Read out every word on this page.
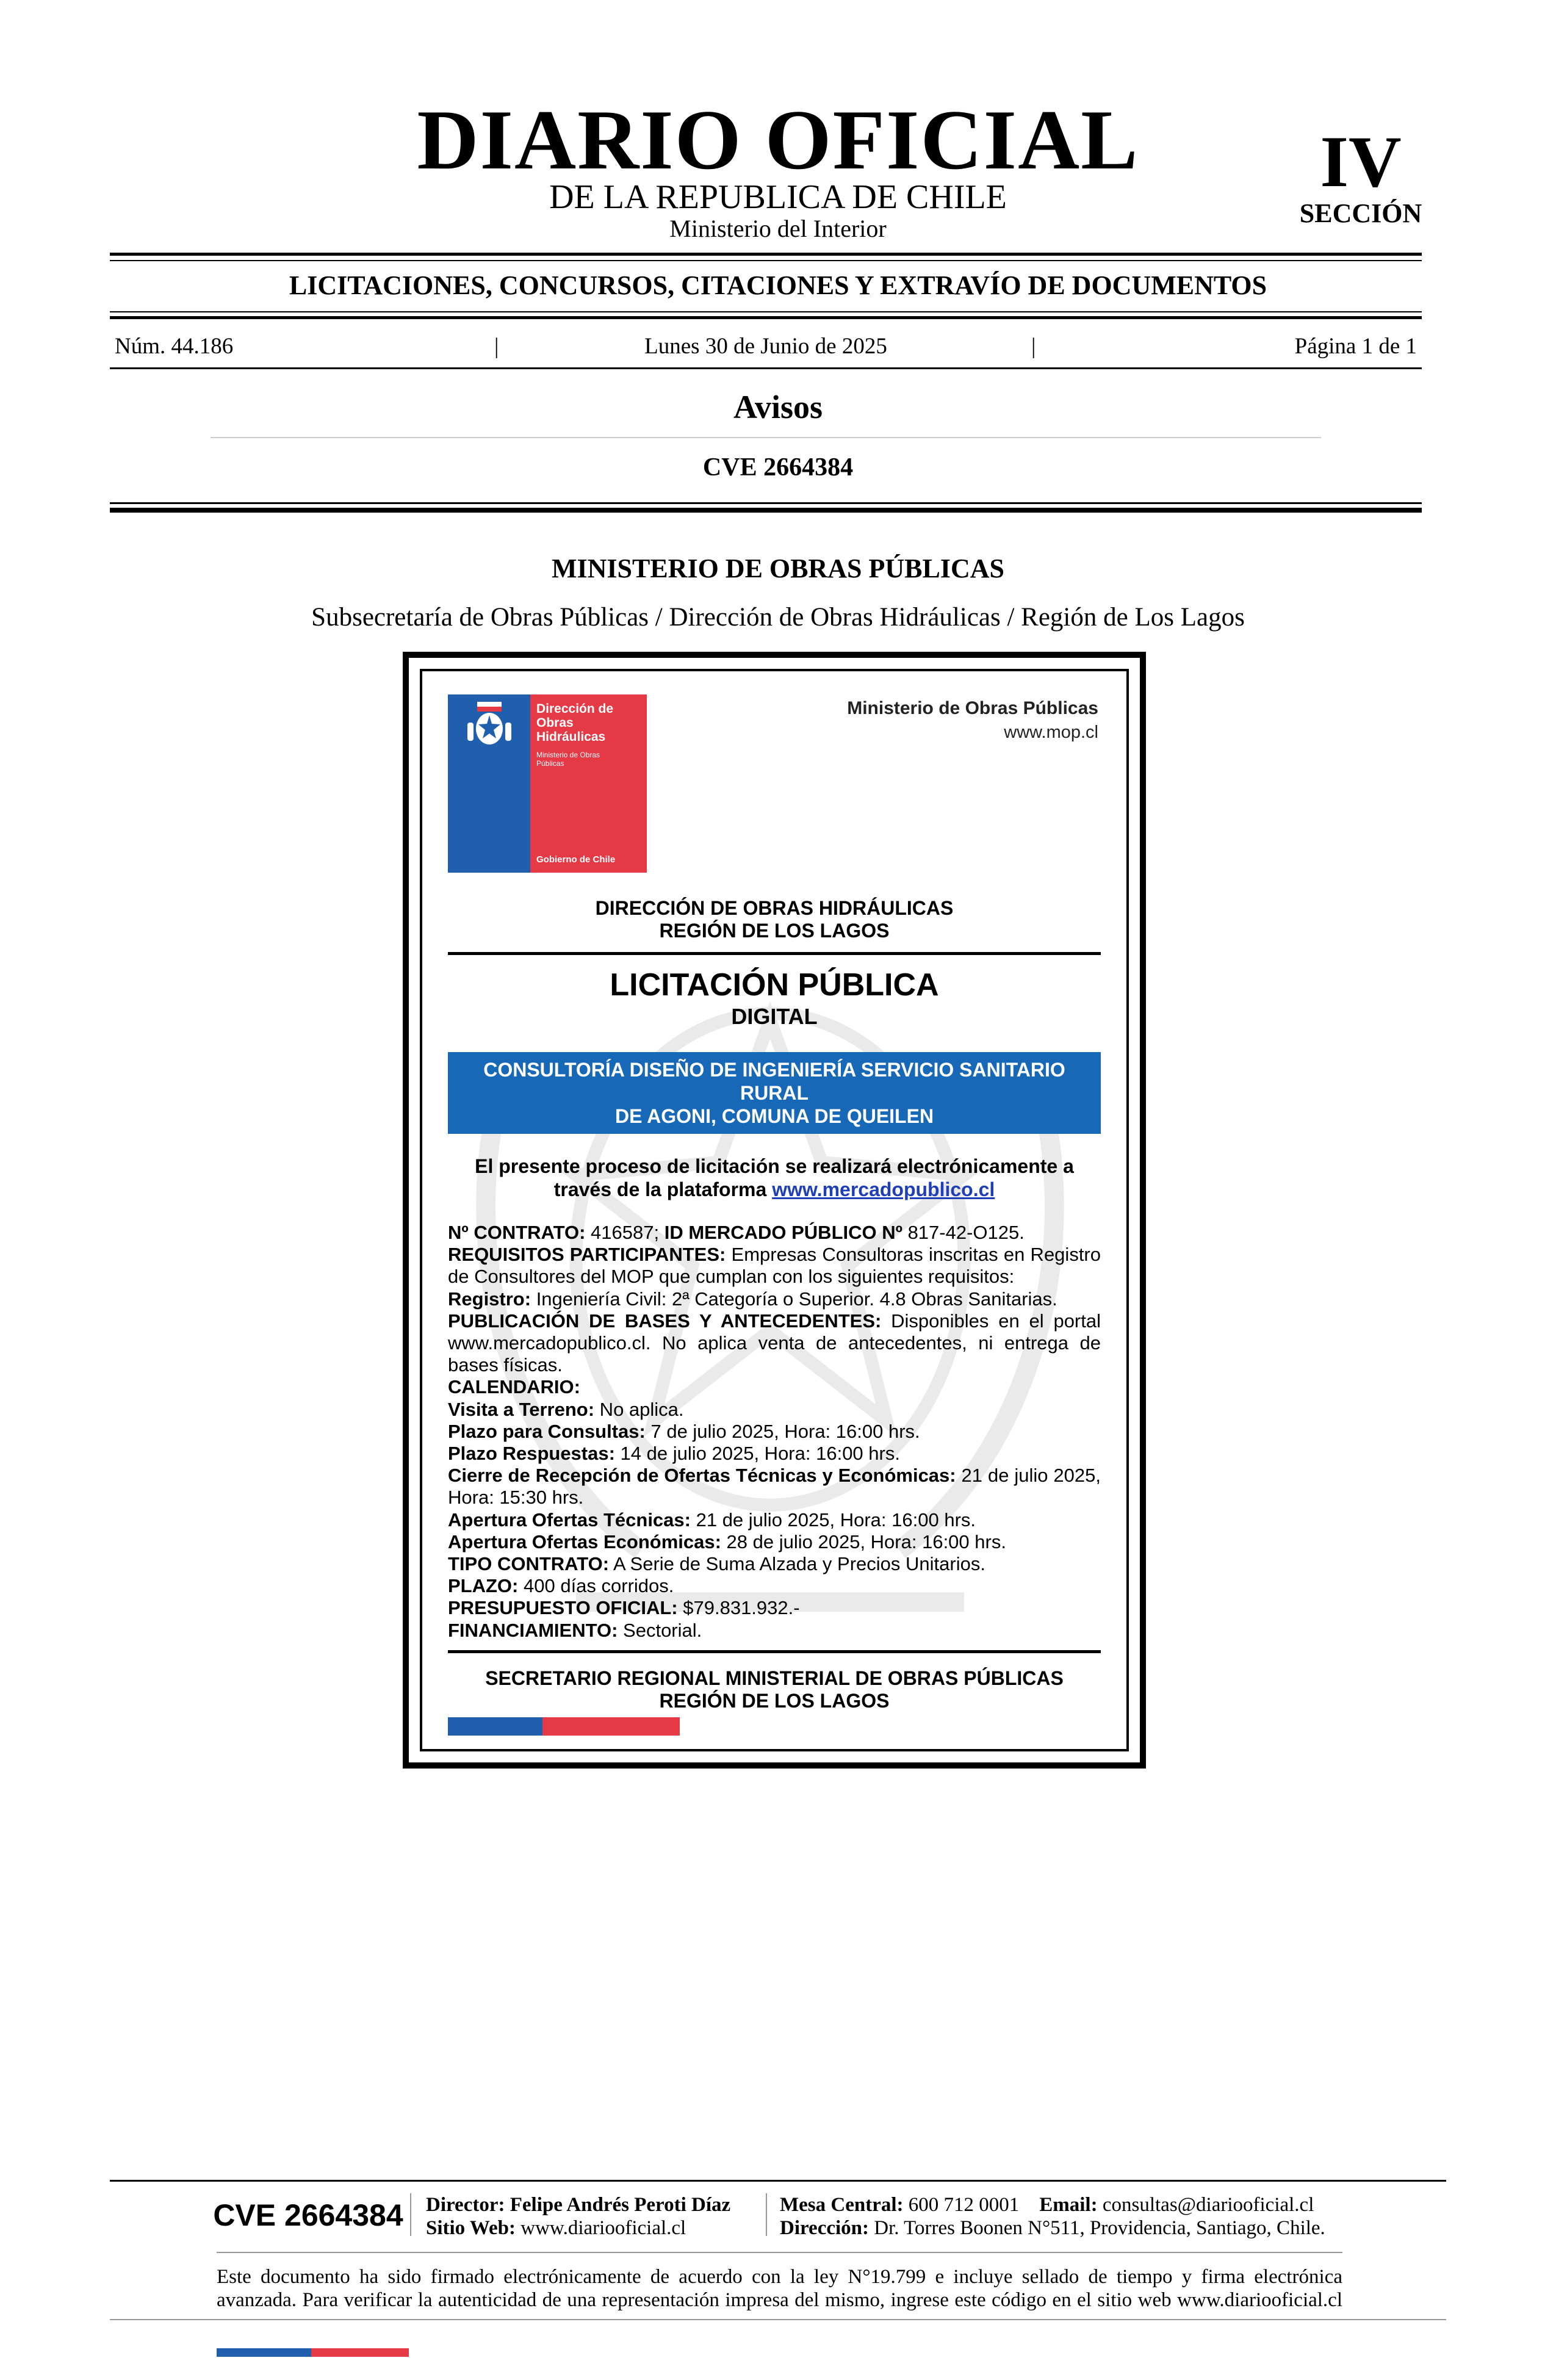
DIARIO OFICIAL
DE LA REPUBLICA DE CHILE
Ministerio del Interior
IV
SECCIÓN
LICITACIONES, CONCURSOS, CITACIONES Y EXTRAVÍO DE DOCUMENTOS
Núm. 44.186	|	Lunes 30 de Junio de 2025	|	Página 1 de 1
Avisos
CVE 2664384
MINISTERIO DE OBRAS PÚBLICAS
Subsecretaría de Obras Públicas / Dirección de Obras Hidráulicas / Región de Los Lagos
Dirección de
Obras
Hidráulicas
Ministerio de Obras
Públicas
Gobierno de Chile
Ministerio de Obras Públicas
www.mop.cl
DIRECCIÓN DE OBRAS HIDRÁULICAS
REGIÓN DE LOS LAGOS
LICITACIÓN PÚBLICA
DIGITAL
CONSULTORÍA DISEÑO DE INGENIERÍA SERVICIO SANITARIO RURAL
DE AGONI, COMUNA DE QUEILEN
El presente proceso de licitación se realizará electrónicamente a
través de la plataforma www.mercadopublico.cl

Nº CONTRATO: 416587; ID MERCADO PÚBLICO Nº 817-42-O125.

REQUISITOS PARTICIPANTES: Empresas Consultoras inscritas en Registro de Consultores del MOP que cumplan con los siguientes requisitos:

Registro: Ingeniería Civil: 2ª Categoría o Superior. 4.8 Obras Sanitarias.

PUBLICACIÓN DE BASES Y ANTECEDENTES: Disponibles en el portal www.mercadopublico.cl. No aplica venta de antecedentes, ni entrega de bases físicas.

CALENDARIO:

Visita a Terreno: No aplica.

Plazo para Consultas: 7 de julio 2025, Hora: 16:00 hrs.

Plazo Respuestas: 14 de julio 2025, Hora: 16:00 hrs.

Cierre de Recepción de Ofertas Técnicas y Económicas: 21 de julio 2025, Hora: 15:30 hrs.

Apertura Ofertas Técnicas: 21 de julio 2025, Hora: 16:00 hrs.

Apertura Ofertas Económicas: 28 de julio 2025, Hora: 16:00 hrs.

TIPO CONTRATO: A Serie de Suma Alzada y Precios Unitarios.

PLAZO: 400 días corridos.

PRESUPUESTO OFICIAL: $79.831.932.-

FINANCIAMIENTO: Sectorial.

SECRETARIO REGIONAL MINISTERIAL DE OBRAS PÚBLICAS
REGIÓN DE LOS LAGOS
CVE 2664384 Director: Felipe Andrés Peroti Díaz
Sitio Web: www.diariooficial.cl
Mesa Central: 600 712 0001 Email: consultas@diariooficial.cl
Dirección: Dr. Torres Boonen N°511, Providencia, Santiago, Chile.
Este documento ha sido firmado electrónicamente de acuerdo con la ley N°19.799 e incluye sellado de tiempo y firma electrónica avanzada. Para verificar la autenticidad de una representación impresa del mismo, ingrese este código en el sitio web www.diariooficial.cl
